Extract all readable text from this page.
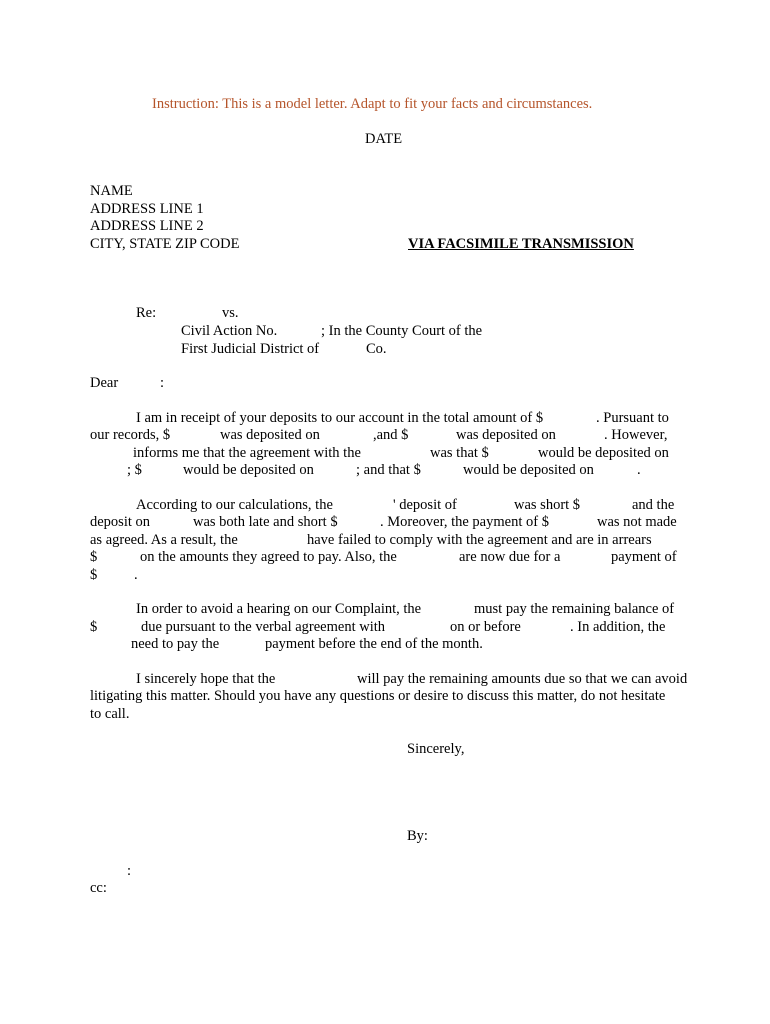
Instruction: This is a model letter. Adapt to fit your facts and circumstances.
DATE
NAME
ADDRESS LINE 1
ADDRESS LINE 2
CITY, STATE ZIP CODE	VIA FACSIMILE TRANSMISSION
Re:	vs.
Civil Action No.	; In the County Court of the
First Judicial District of	Co.
Dear	:
I am in receipt of your deposits to our account in the total amount of $	. Pursuant to
our records, $	was deposited on	,and $	was deposited on	. However,
informs me that the agreement with the	was that $	would be deposited on
; $	would be deposited on	; and that $	would be deposited on	.
According to our calculations, the	' deposit of	was short $	and the
deposit on	was both late and short $	. Moreover, the payment of $	was not made
as agreed. As a result, the	have failed to comply with the agreement and are in arrears
$	on the amounts they agreed to pay. Also, the	are now due for a	payment of
$	.
In order to avoid a hearing on our Complaint, the	must pay the remaining balance of
$	due pursuant to the verbal agreement with	on or before	. In addition, the
need to pay the	payment before the end of the month.
I sincerely hope that the	will pay the remaining amounts due so that we can avoid
litigating this matter. Should you have any questions or desire to discuss this matter, do not hesitate
to call.
Sincerely,
By:
:
cc:
